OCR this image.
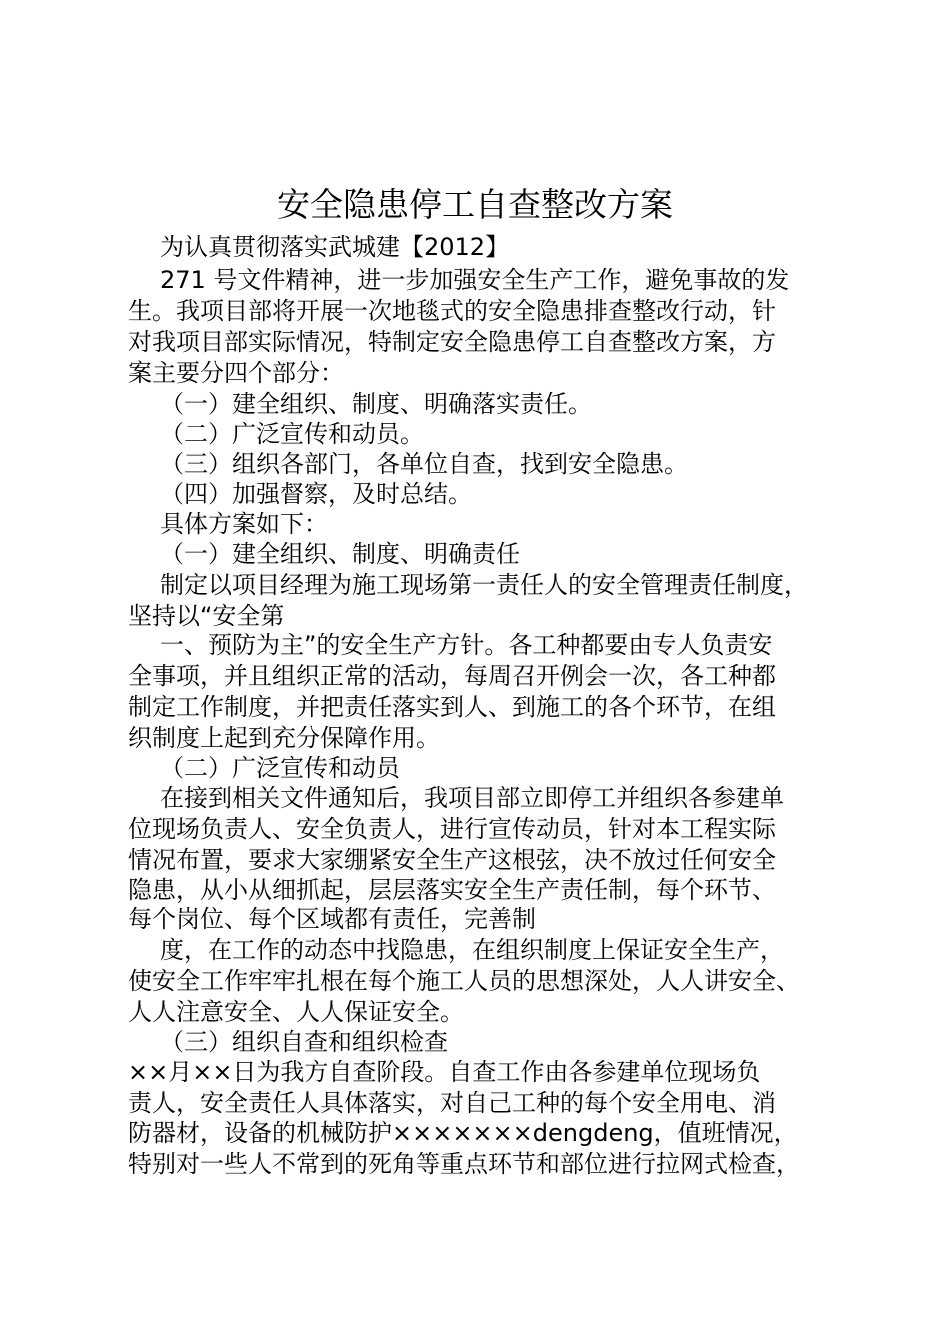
安全隐患停工自查整改方案
为认真贯彻落实武城建【2012】
271 号文件精神，进一步加强安全生产工作，避免事故的发
生。我项目部将开展一次地毯式的安全隐患排查整改行动，针
对我项目部实际情况，特制定安全隐患停工自查整改方案，方
案主要分四个部分：
（一）建全组织、制度、明确落实责任。
（二）广泛宣传和动员。
（三）组织各部门，各单位自查，找到安全隐患。
（四）加强督察，及时总结。
具体方案如下：
（一）建全组织、制度、明确责任
制定以项目经理为施工现场第一责任人的安全管理责任制度，
坚持以“安全第
一、预防为主”的安全生产方针。各工种都要由专人负责安
全事项，并且组织正常的活动，每周召开例会一次，各工种都
制定工作制度，并把责任落实到人、到施工的各个环节，在组
织制度上起到充分保障作用。
（二）广泛宣传和动员
在接到相关文件通知后，我项目部立即停工并组织各参建单
位现场负责人、安全负责人，进行宣传动员，针对本工程实际
情况布置，要求大家绷紧安全生产这根弦，决不放过任何安全
隐患，从小从细抓起，层层落实安全生产责任制，每个环节、
每个岗位、每个区域都有责任，完善制
度，在工作的动态中找隐患，在组织制度上保证安全生产，
使安全工作牢牢扎根在每个施工人员的思想深处，人人讲安全、
人人注意安全、人人保证安全。
（三）组织自查和组织检查
××月××日为我方自查阶段。自查工作由各参建单位现场负
责人，安全责任人具体落实，对自己工种的每个安全用电、消
防器材，设备的机械防护×××××××dengdeng，值班情况，
特别对一些人不常到的死角等重点环节和部位进行拉网式检查，
